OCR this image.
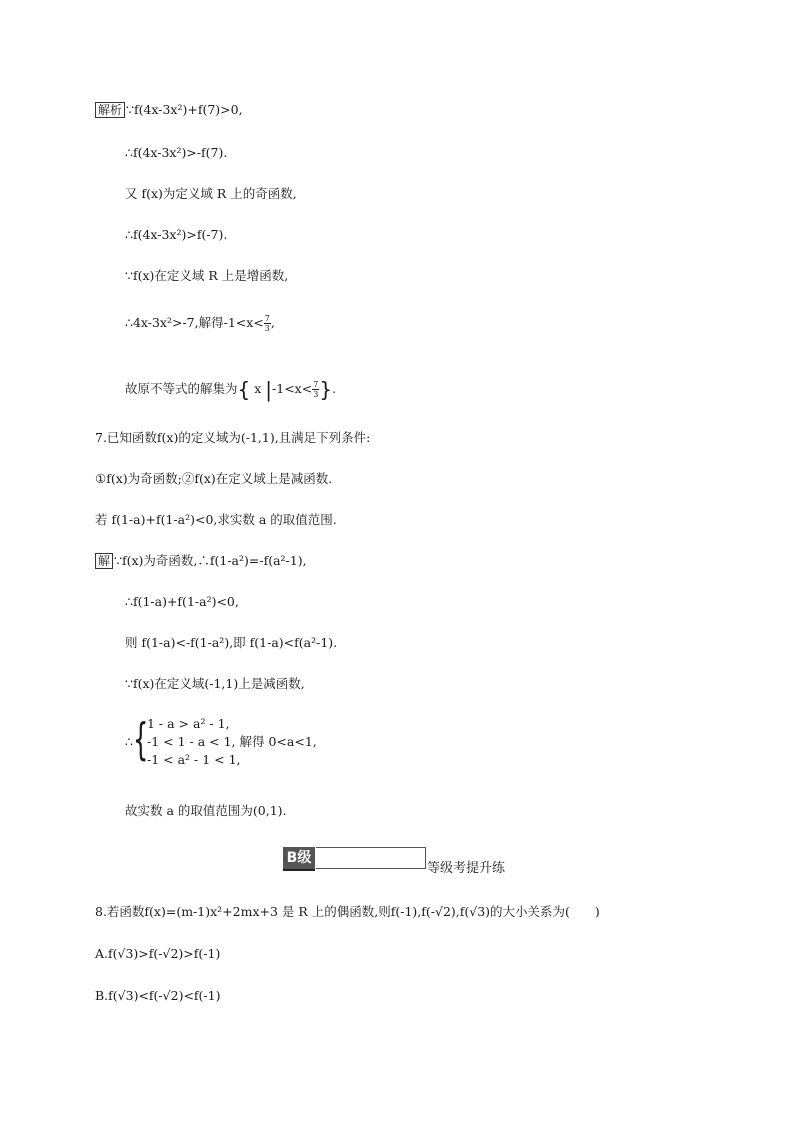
解析 ∵f(4x-3x²)+f(7)>0,
∴f(4x-3x²)>-f(7).
又 f(x)为定义域 R 上的奇函数,
∴f(4x-3x²)>f(-7).
∵f(x)在定义域 R 上是增函数,
∴4x-3x²>-7,解得$-1<x< \frac{7}{3}$ ,
故原不等式的解集为{ x $|-1<x< \frac{7}{3}$ }.
7.已知函数f(x)的定义域为(-1,1),且满足下列条件:
①f(x)为奇函数;②f(x)在定义域上是减函数.
若 f(1-a)+f(1-a²)<0,求实数 a 的取值范围.
解 ∵f(x)为奇函数,∴f(1-a²)=-f(a²-1),
∴f(1-a)+f(1-a²)<0,
则 f(1-a)<-f(1-a²),即 f(1-a)<f(a²-1).
∵f(x)在定义域(-1,1)上是减函数,
∴ {
1 - a > a² - 1,
-1 < 1 - a < 1, 解得 0<a<1,
-1 < a² - 1 < 1,
故实数 a 的取值范围为(0,1).
B级
等级考提升练
8.若函数f(x)=(m-1)x²+2mx+3 是 R 上的偶函数,则f(-1),f(-√2),f(√3)的大小关系为(　　)
A.f(√3)>f(-√2)>f(-1)
B.f(√3)<f(-√2)<f(-1)
